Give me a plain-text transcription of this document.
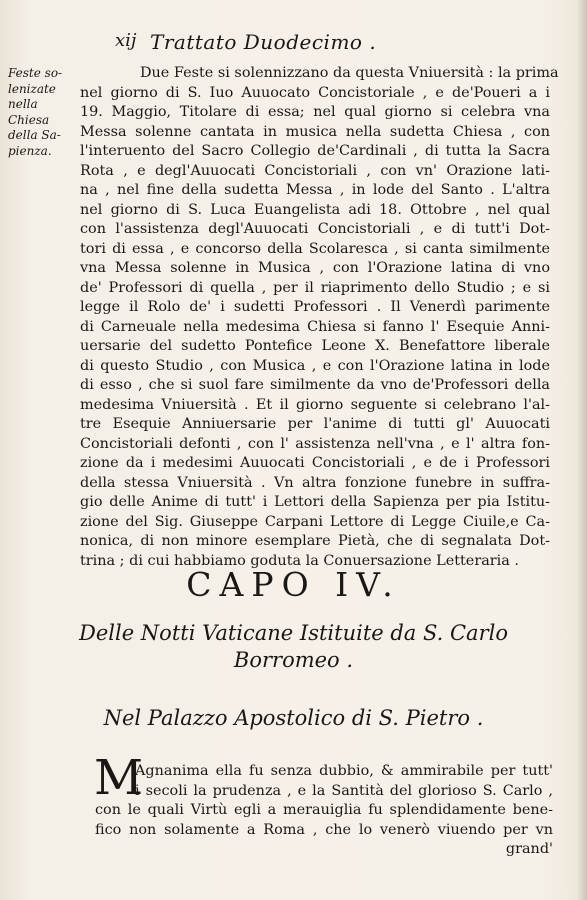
xij Trattato Duodecimo .
Feste so-
lenizate
nella
Chiesa
della Sa-
pienza.
Due Feste si solennizzano da questa Vniuersità : la prima
nel giorno di S. Iuo Auuocato Concistoriale , e de'Poueri a i
19. Maggio, Titolare di essa; nel qual giorno si celebra vna
Messa solenne cantata in musica nella sudetta Chiesa , con
l'interuento del Sacro Collegio de'Cardinali , di tutta la Sacra
Rota , e degl'Auuocati Concistoriali , con vn' Orazione lati-
na , nel fine della sudetta Messa , in lode del Santo . L'altra
nel giorno di S. Luca Euangelista adi 18. Ottobre , nel qual
con l'assistenza degl'Auuocati Concistoriali , e di tutt'i Dot-
tori di essa , e concorso della Scolaresca , si canta similmente
vna Messa solenne in Musica , con l'Orazione latina di vno
de' Professori di quella , per il riaprimento dello Studio ; e si
legge il Rolo de' i sudetti Professori . Il Venerdì parimente
di Carneuale nella medesima Chiesa si fanno l' Esequie Anni-
uersarie del sudetto Pontefice Leone X. Benefattore liberale
di questo Studio , con Musica , e con l'Orazione latina in lode
di esso , che si suol fare similmente da vno de'Professori della
medesima Vniuersità . Et il giorno seguente si celebrano l'al-
tre Esequie Anniuersarie per l'anime di tutti gl' Auuocati
Concistoriali defonti , con l' assistenza nell'vna , e l' altra fon-
zione da i medesimi Auuocati Concistoriali , e de i Professori
della stessa Vniuersità . Vn altra fonzione funebre in suffra-
gio delle Anime di tutt' i Lettori della Sapienza per pia Istitu-
zione del Sig. Giuseppe Carpani Lettore di Legge Ciuile,e Ca-
nonica, di non minore esemplare Pietà, che di segnalata Dot-
trina ; di cui habbiamo goduta la Conuersazione Letteraria .
CAPO IV.
Delle Notti Vaticane Istituite da S. Carlo
Borromeo .
Nel Palazzo Apostolico di S. Pietro .
M
Agnanima ella fu senza dubbio, & ammirabile per tutt'
i secoli la prudenza , e la Santità del glorioso S. Carlo ,
con le quali Virtù egli a merauiglia fu splendidamente bene-
fico non solamente a Roma , che lo venerò viuendo per vn
grand'
